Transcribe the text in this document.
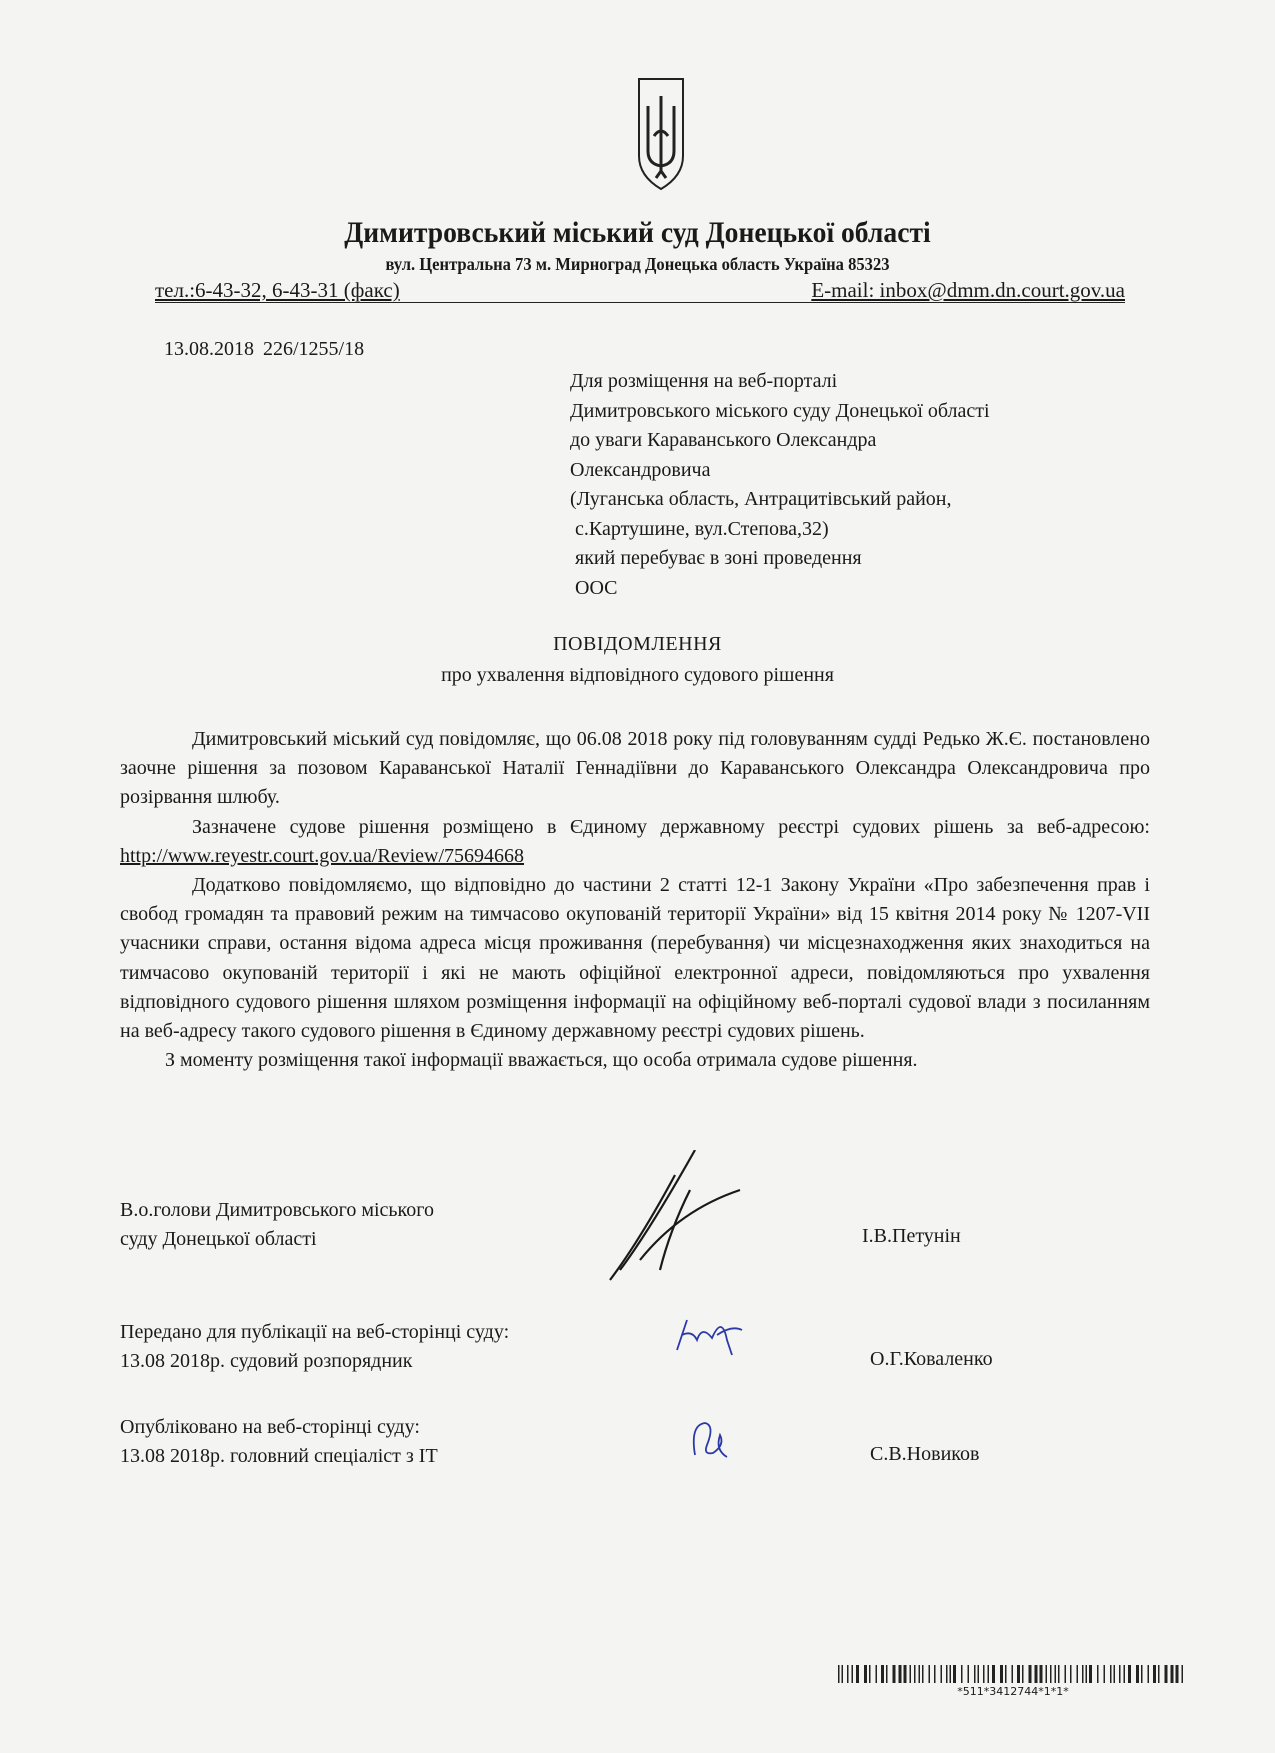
Димитровський міський суд Донецької області
вул. Центральна 73 м. Мирноград Донецька область Україна 85323
тел.:6-43-32, 6-43-31 (факс)	E-mail: inbox@dmm.dn.court.gov.ua
13.08.2018 226/1255/18
Для розміщення на веб-порталі
Димитровського міського суду Донецької області
до уваги Караванського Олександра
Олександровича
(Луганська область, Антрацитівський район,
с.Картушине, вул.Степова,32)
який перебуває в зоні проведення
ООС
ПОВІДОМЛЕННЯ
про ухвалення відповідного судового рішення

Димитровський міський суд повідомляє, що 06.08 2018 року під головуванням судді Редько Ж.Є. постановлено заочне рішення за позовом Караванської Наталії Геннадіївни до Караванського Олександра Олександровича про розірвання шлюбу.

Зазначене судове рішення розміщено в Єдиному державному реєстрі судових рішень за веб-адресою: http://www.reyestr.court.gov.ua/Review/75694668

Додатково повідомляємо, що відповідно до частини 2 статті 12-1 Закону України «Про забезпечення прав і свобод громадян та правовий режим на тимчасово окупованій території України» від 15 квітня 2014 року № 1207-VII учасники справи, остання відома адреса місця проживання (перебування) чи місцезнаходження яких знаходиться на тимчасово окупованій території і які не мають офіційної електронної адреси, повідомляються про ухвалення відповідного судового рішення шляхом розміщення інформації на офіційному веб-порталі судової влади з посиланням на веб-адресу такого судового рішення в Єдиному державному реєстрі судових рішень.

З моменту розміщення такої інформації вважається, що особа отримала судове рішення.

В.о.голови Димитровського міського
суду Донецької області	І.В.Петунін
Передано для публікації на веб-сторінці суду:
13.08 2018р. судовий розпорядник	О.Г.Коваленко
Опубліковано на веб-сторінці суду:
13.08 2018р. головний спеціаліст з ІТ	С.В.Новиков
*511*3412744*1*1*
